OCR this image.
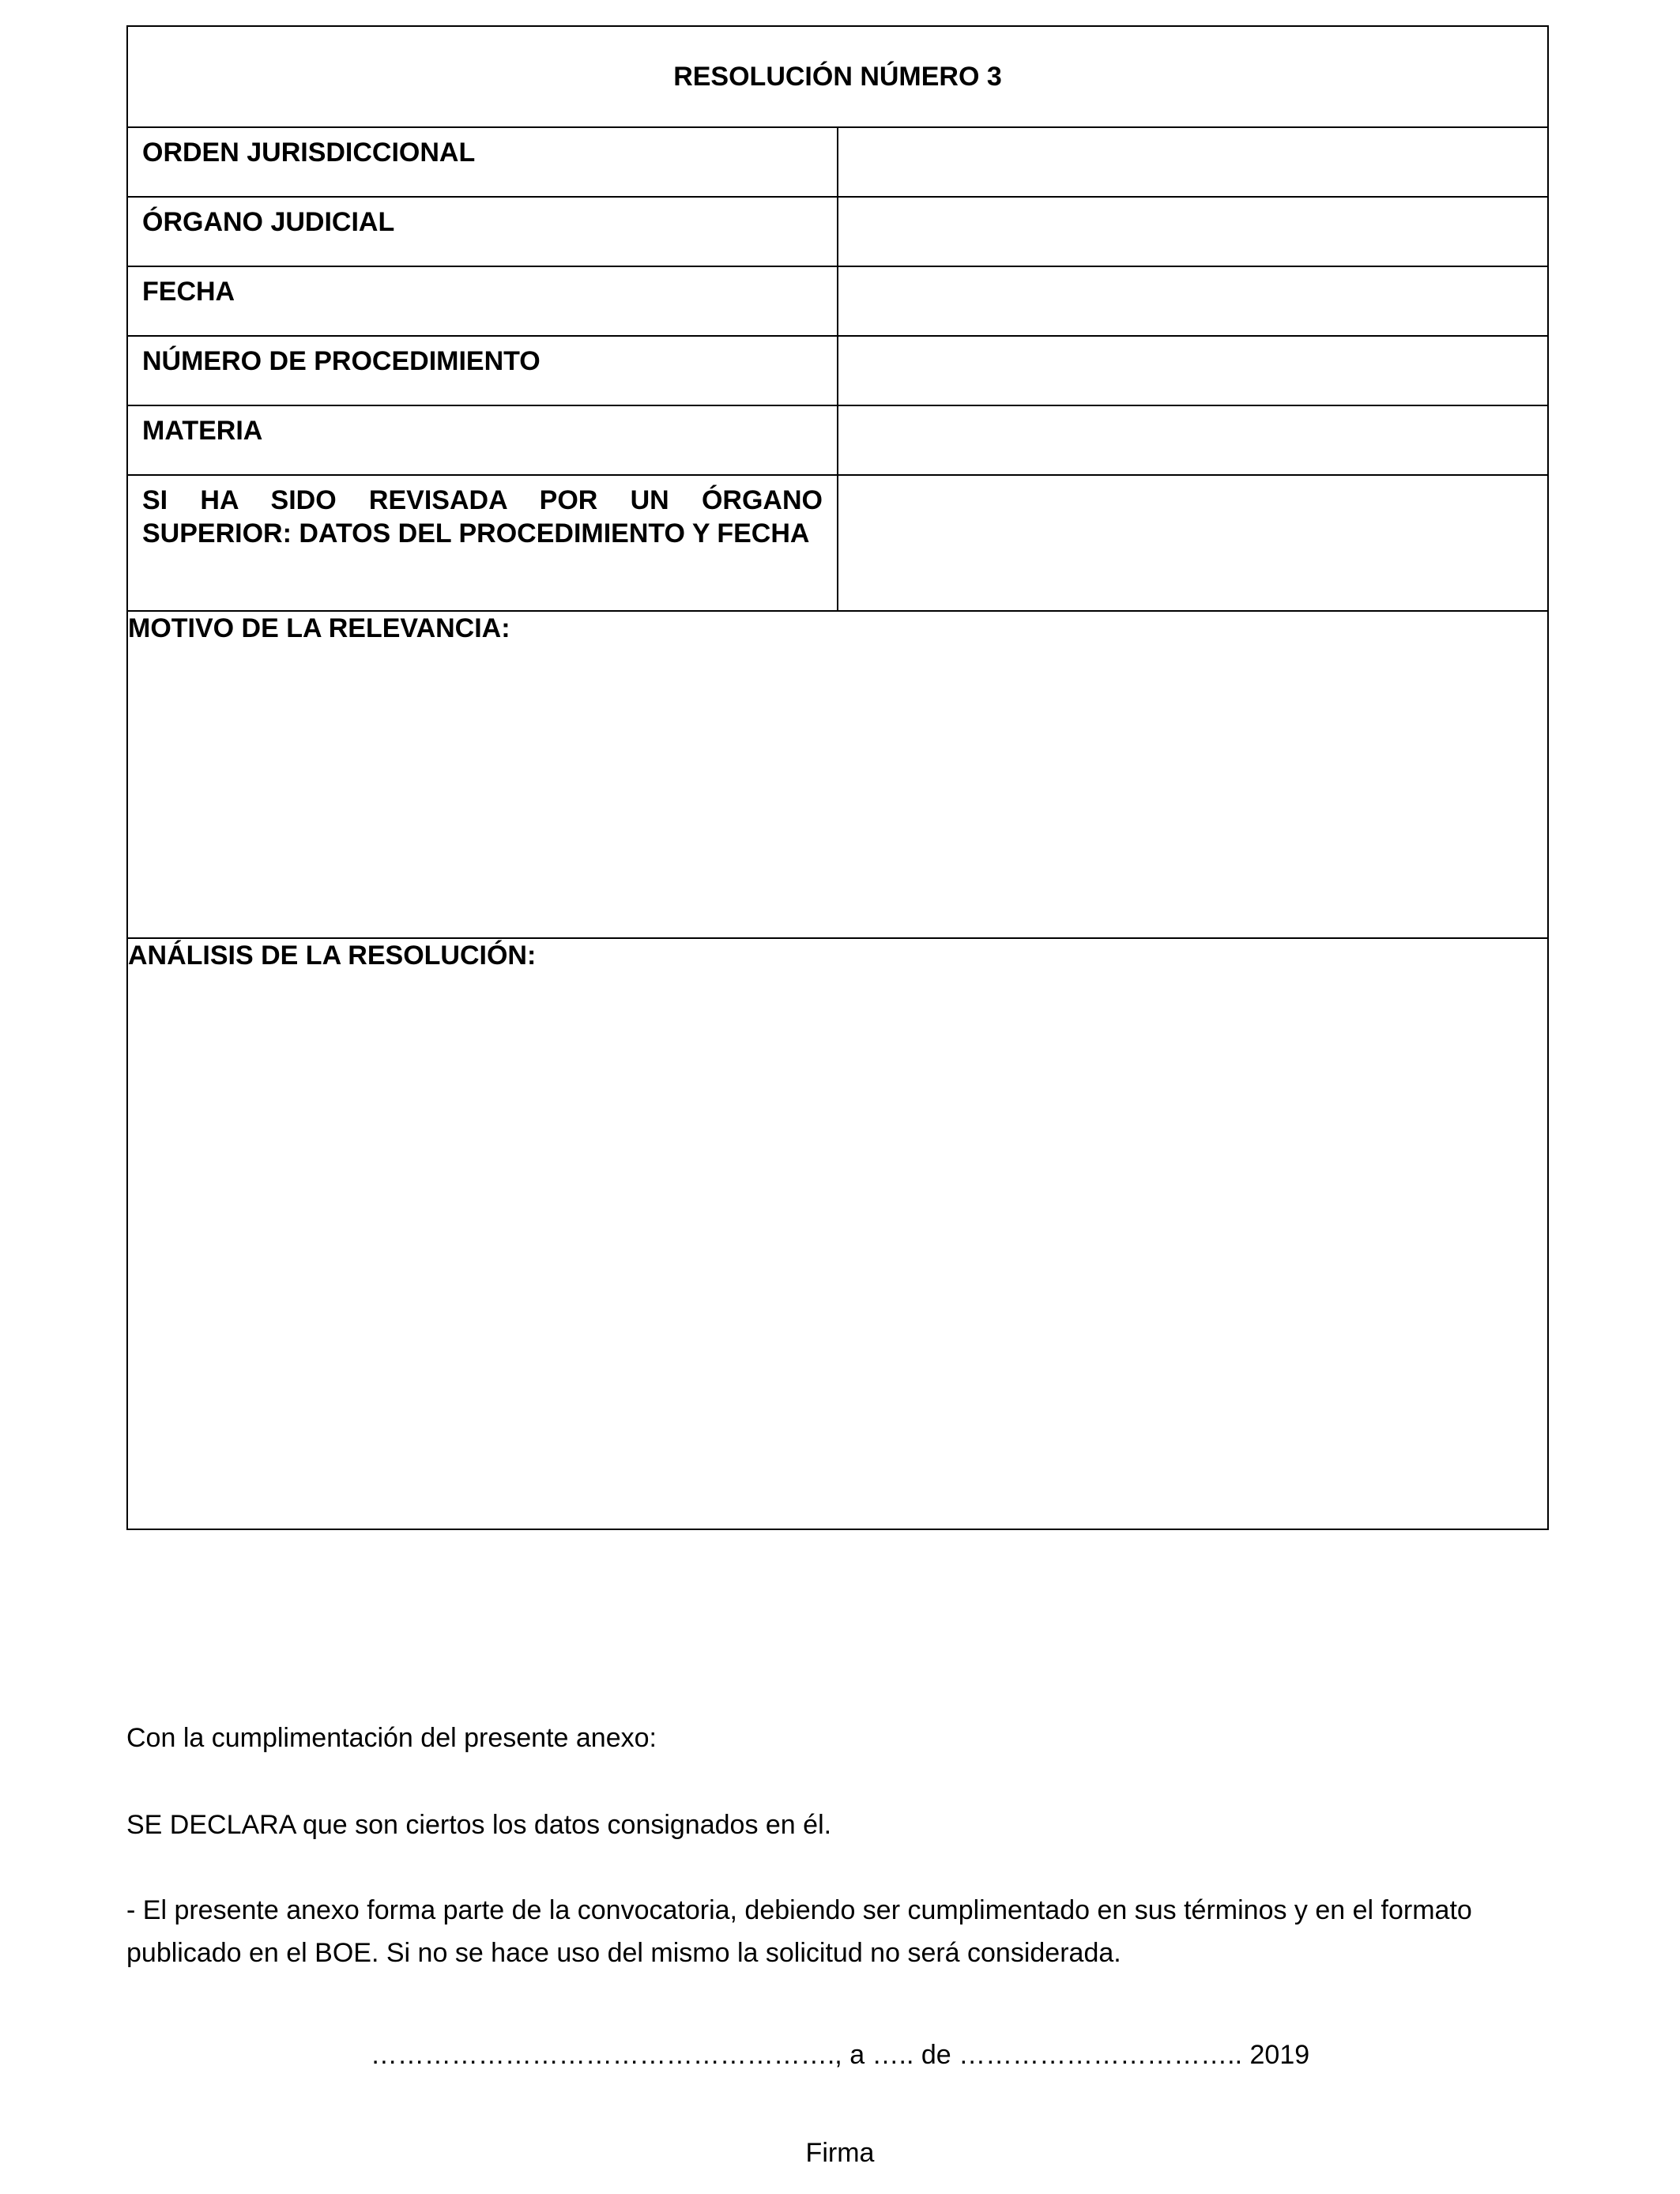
RESOLUCIÓN NÚMERO 3	
ORDEN JURISDICCIONAL	
ÓRGANO JUDICIAL	
FECHA	
NÚMERO DE PROCEDIMIENTO	
MATERIA	
SI HA SIDO REVISADA POR UN ÓRGANO SUPERIOR: DATOS DEL PROCEDIMIENTO Y FECHA	
MOTIVO DE LA RELEVANCIA:	
ANÁLISIS DE LA RESOLUCIÓN:	

Con la cumplimentación del presente anexo:

SE DECLARA que son ciertos los datos consignados en él.

- El presente anexo forma parte de la convocatoria, debiendo ser cumplimentado en sus términos y en el formato publicado en el BOE. Si no se hace uso del mismo la solicitud no será considerada.

……………………………………………., a ….. de ………………………….. 2019
Firma
